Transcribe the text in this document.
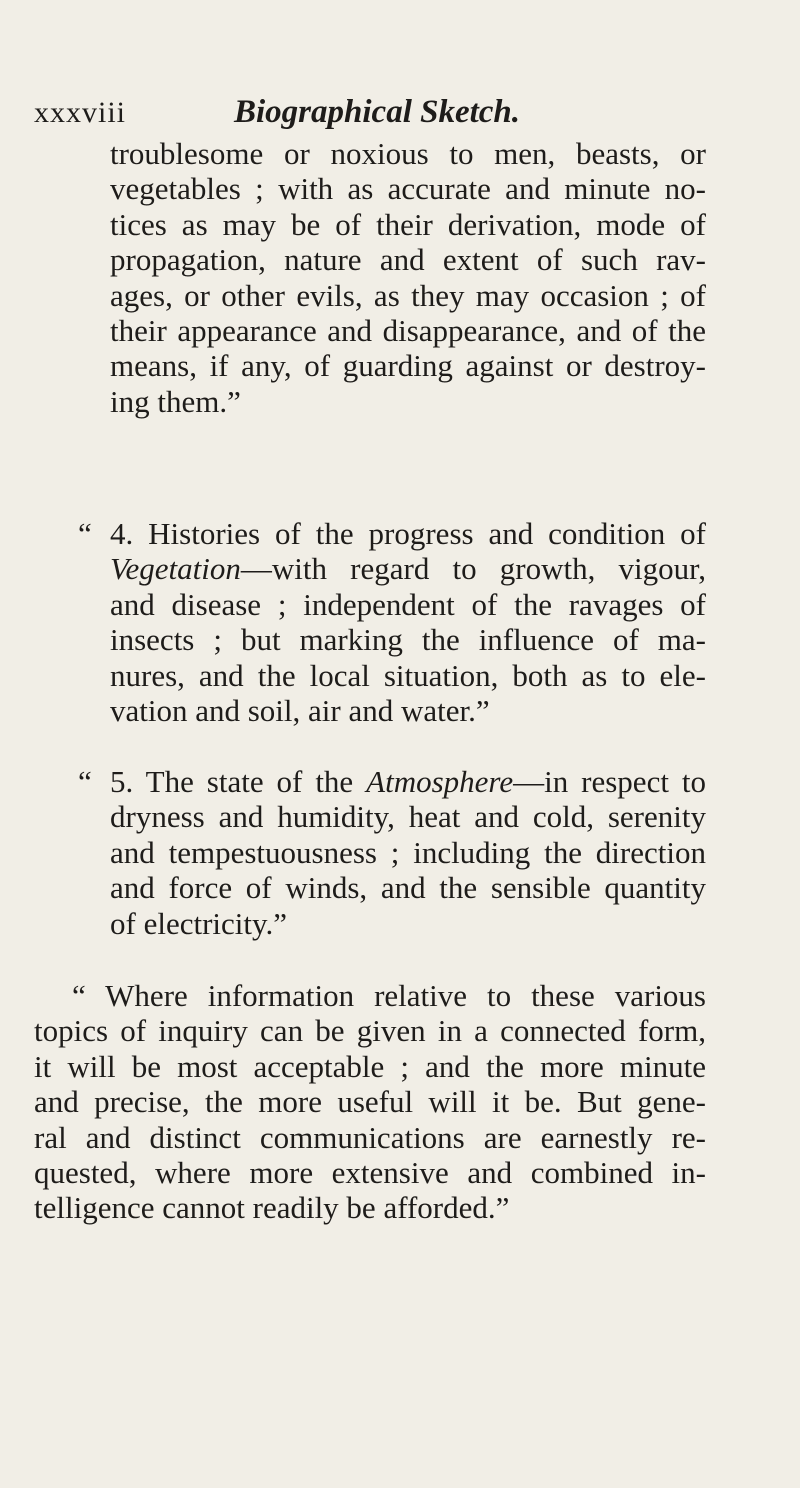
xxxviii	Biographical Sketch.
troublesome or noxious to men, beasts, or
vegetables ; with as accurate and minute no-
tices as may be of their derivation, mode of
propagation, nature and extent of such rav-
ages, or other evils, as they may occasion ; of
their appearance and disappearance, and of the
means, if any, of guarding against or destroy-
ing them.”
“ 4. Histories of the progress and condition of
Vegetation—with regard to growth, vigour,
and disease ; independent of the ravages of
insects ; but marking the influence of ma-
nures, and the local situation, both as to ele-
vation and soil, air and water.”
“ 5. The state of the Atmosphere—in respect to
dryness and humidity, heat and cold, serenity
and tempestuousness ; including the direction
and force of winds, and the sensible quantity
of electricity.”
“ Where information relative to these various
topics of inquiry can be given in a connected form,
it will be most acceptable ; and the more minute
and precise, the more useful will it be. But gene-
ral and distinct communications are earnestly re-
quested, where more extensive and combined in-
telligence cannot readily be afforded.”
